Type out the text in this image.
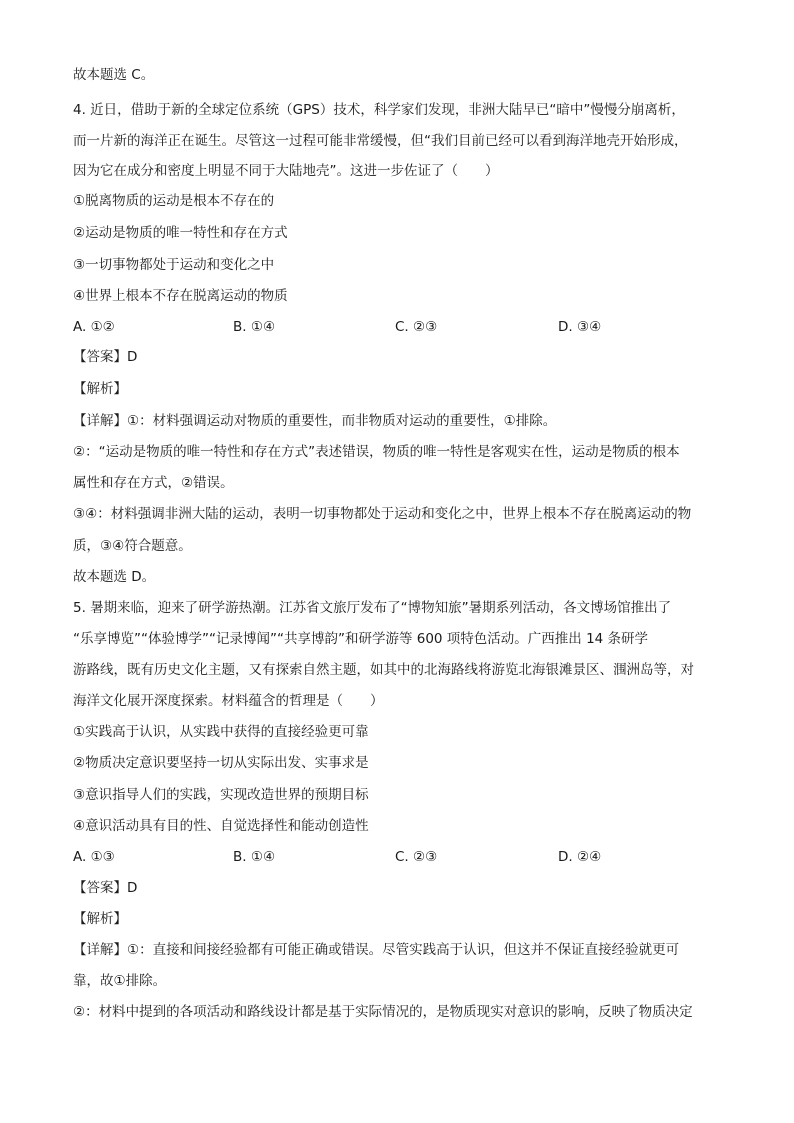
故本题选 C。
4. 近日，借助于新的全球定位系统（GPS）技术，科学家们发现，非洲大陆早已“暗中”慢慢分崩离析，
而一片新的海洋正在诞生。尽管这一过程可能非常缓慢，但“我们目前已经可以看到海洋地壳开始形成，
因为它在成分和密度上明显不同于大陆地壳”。这进一步佐证了（　　）
①脱离物质的运动是根本不存在的
②运动是物质的唯一特性和存在方式
③一切事物都处于运动和变化之中
④世界上根本不存在脱离运动的物质
A. ①②	B. ①④	C. ②③	D. ③④
【答案】D
【解析】
【详解】①：材料强调运动对物质的重要性，而非物质对运动的重要性，①排除。
②：“运动是物质的唯一特性和存在方式”表述错误，物质的唯一特性是客观实在性，运动是物质的根本
属性和存在方式，②错误。
③④：材料强调非洲大陆的运动，表明一切事物都处于运动和变化之中，世界上根本不存在脱离运动的物
质，③④符合题意。
故本题选 D。
5. 暑期来临，迎来了研学游热潮。江苏省文旅厅发布了“博物知旅”暑期系列活动，各文博场馆推出了
“乐享博览”“体验博学”“记录博闻”“共享博韵”和研学游等 600 项特色活动。广西推出 14 条研学
游路线，既有历史文化主题，又有探索自然主题，如其中的北海路线将游览北海银滩景区、涠洲岛等，对
海洋文化展开深度探索。材料蕴含的哲理是（　　）
①实践高于认识，从实践中获得的直接经验更可靠
②物质决定意识要坚持一切从实际出发、实事求是
③意识指导人们的实践，实现改造世界的预期目标
④意识活动具有目的性、自觉选择性和能动创造性
A. ①③	B. ①④	C. ②③	D. ②④
【答案】D
【解析】
【详解】①：直接和间接经验都有可能正确或错误。尽管实践高于认识，但这并不保证直接经验就更可
靠，故①排除。
②：材料中提到的各项活动和路线设计都是基于实际情况的，是物质现实对意识的影响，反映了物质决定
